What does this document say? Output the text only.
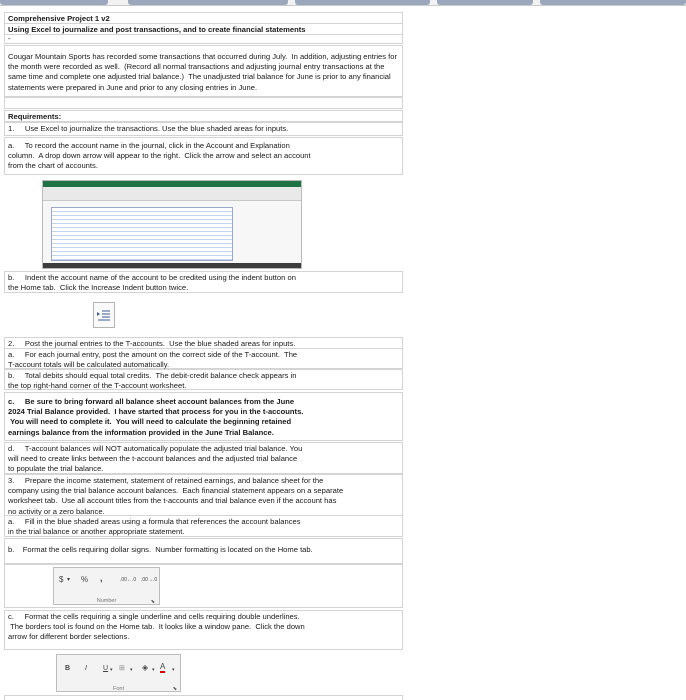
Comprehensive Project 1 v2
Using Excel to journalize and post transactions, and to create financial statements
-
Cougar Mountain Sports has recorded some transactions that occurred during July.  In addition, adjusting entries for the month were recorded as well.  (Record all normal transactions and adjusting journal entry transactions at the same time and complete one adjusted trial balance.)  The unadjusted trial balance for June is prior to any financial statements were prepared in June and prior to any closing entries in June.
Requirements:
1.     Use Excel to journalize the transactions. Use the blue shaded areas for inputs.
a.     To record the account name in the journal, click in the Account and Explanation
column.  A drop down arrow will appear to the right.  Click the arrow and select an account
from the chart of accounts.
b.     Indent the account name of the account to be credited using the indent button on
the Home tab.  Click the Increase Indent button twice.
2.     Post the journal entries to the T-accounts.  Use the blue shaded areas for inputs.
a.     For each journal entry, post the amount on the correct side of the T-account.  The
T-account totals will be calculated automatically.
b.     Total debits should equal total credits.  The debit-credit balance check appears in
the top right-hand corner of the T-account worksheet.
c.     Be sure to bring forward all balance sheet account balances from the June
2024 Trial Balance provided.  I have started that process for you in the t-accounts.
You will need to complete it.  You will need to calculate the beginning retained
earnings balance from the information provided in the June Trial Balance.
d.     T-account balances will NOT automatically populate the adjusted trial balance. You
will need to create links between the t-account balances and the adjusted trial balance
to populate the trial balance.
3.     Prepare the income statement, statement of retained earnings, and balance sheet for the
company using the trial balance account balances.  Each financial statement appears on a separate
worksheet tab.  Use all account titles from the t-accounts and trial balance even if the account has
no activity or a zero balance.
a.     Fill in the blue shaded areas using a formula that references the account balances
in the trial balance or another appropriate statement.
b.    Format the cells requiring dollar signs.  Number formatting is located on the Home tab.
$ ▾ % ,	.00←.0 .00→.0
Number	⬊
c.     Format the cells requiring a single underline and cells requiring double underlines.
The borders tool is found on the Home tab.  It looks like a window pane.  Click the down
arrow for different border selections.
B I U ▾ ⊞ ▾ ◈ ▾ A ▾
Font	⬊
